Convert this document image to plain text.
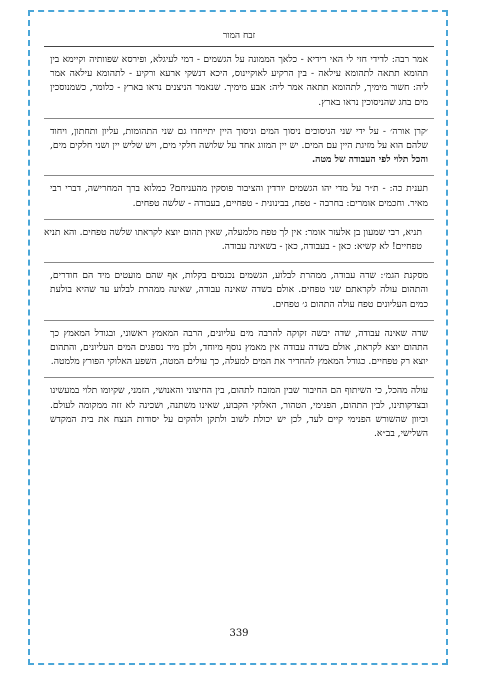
זבח המור

אמר רבה: לדידי חזי לי האי רידיא - כלאך הממונה על הגשמים - דמי לעיגלא, ופירסא שפוותיה וקיימא בין תהומא תתאה לתהומא עילאה - בין הרקיע לאוקיינוס, היכא דנשקי ארעא ורקיע - לתהומא עילאה אמר ליה: חשור מימיך, לתהומא תתאה אמר ליה: אבע מימיך. שנאמר הניצנים נראו בארץ - כלומר, כשמנוסכין מים בחג שהניסוכין נראו בארץ.

׳קרן אורה׳ - על ידי שני הניסוכים ניסוך המים וניסוך היין יתייחדו גם שני התהומות, עליון ותחתון, ויחוד שלהם הוא על מזיגת היין עם המים. יש יין המזוג אחד על שלושה חלקי מים, ויש שליש יין ושני חלקים מים, והכל תלוי לפי העבודה של מטה.

תענית כה: - ת״ר על מדי יהו הגשמים יורדין והציבור פוסקין מהעניחם? כמלוא ברך המחרישה, דברי רבי מאיר. וחכמים אומרים: בחרבה - טפח, בבינונית - טפחיים, בעבודה - שלשה טפחים.

תניא, רבי שמעון בן אלעזר אומר: אין לך טפח מלמעלה, שאין תהום יוצא לקראתו שלשה טפחים. והא תניא טפחיים! לא קשיא: כאן - בעבודה, כאן - בשאינה עבודה.

מסקנת הגמ׳: שדה עבודה, ממהרת לבלוע, הגשמים נכנסים בקלות, אף שהם מועטים מיד הם חודרים, והתהום עולה לקראתם שני טפחים. אולם בשדה שאינה עבודה, שאינה ממהרת לבלוע עד שהיא בולעת כמים העליונים טפח עולה התהום ג׳ טפחים.

שדה שאינה עבודה, שדה יבשה זקוקה להרבה מים עליונים, הרבה המאמץ ראשוני, ובגודל המאמץ כך התהום יוצא לקראת, אולם בשדה עבודה אין מאמץ נוסף מיוחד, ולכן מיד נספגים המים העליונים, והתהום יוצא רק טפחיים. כגודל המאמץ להחדיר את המים למעלה, כך עולים המטה, השפע האלוקי הפורץ מלמטה.

עולה מהכל, כי השיתוף הם החיבור שבין המזבח לתהום, בין החיצוני והאנושי, הזמני, שקיומו תלוי במעשינו ובצדקותינו, לבין התהום, הפנימי, הטהור, האלוקי הקבוע, שאינו משתנה, ושכינה לא זזה ממקומה לעולם. וכיוון שהשורש הפנימי קיים לעד, לכן יש יכולת לשוב ולתקן ולהקים על יסודות הנצח את בית המקדש השלישי, בב״א.

339
